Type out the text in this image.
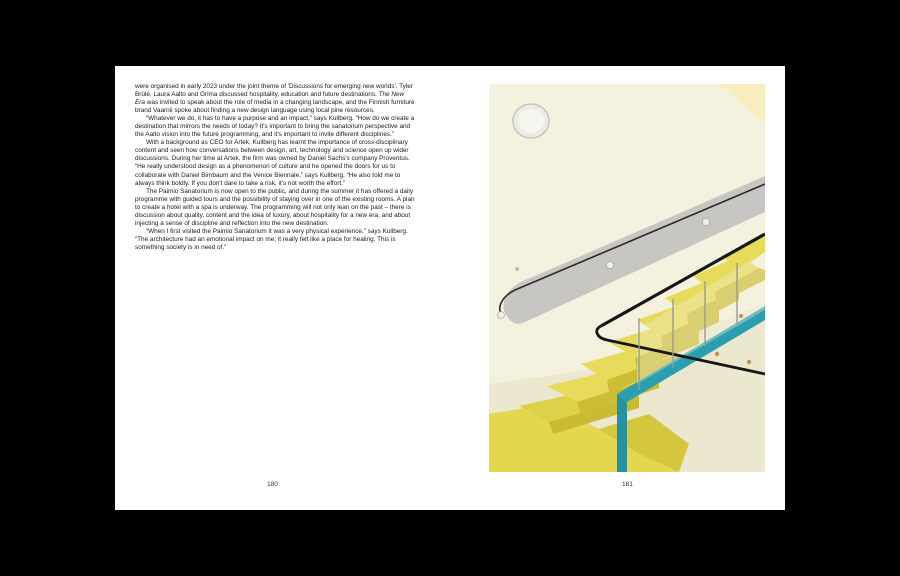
were organised in early 2023 under the joint theme of 'Discussions for emerging new worlds'. Tyler Brûlé, Laura Aalto and Grima discussed hospitality, education and future destinations. The New Era was invited to speak about the role of media in a changing landscape, and the Finnish furniture brand Vaarnii spoke about finding a new design language using local pine resources.

“Whatever we do, it has to have a purpose and an impact,” says Kullberg. “How do we create a destination that mirrors the needs of today? It's important to bring the sanatorium perspective and the Aalto vision into the future programming, and it's important to invite different disciplines.”

With a background as CEO for Artek, Kullberg has learnt the importance of cross-disciplinary content and seen how conversations between design, art, technology and science open up wider discussions. During her time at Artek, the firm was owned by Daniel Sachs's company Proventus. “He really understood design as a phenomenon of culture and he opened the doors for us to collaborate with Daniel Birnbaum and the Venice Biennale,” says Kullberg. “He also told me to always think boldly. If you don't dare to take a risk, it's not worth the effort.”

The Paimio Sanatorium is now open to the public, and during the summer it has offered a daily programme with guided tours and the possibility of staying over in one of the existing rooms. A plan to create a hotel with a spa is underway. The programming will not only lean on the past – there is discussion about quality, content and the idea of luxury, about hospitality for a new era, and about injecting a sense of discipline and reflection into the new destination.

“When I first visited the Paimio Sanatorium it was a very physical experience,” says Kullberg. “The architecture had an emotional impact on me; it really felt like a place for healing. This is something society is in need of.”

180	181
